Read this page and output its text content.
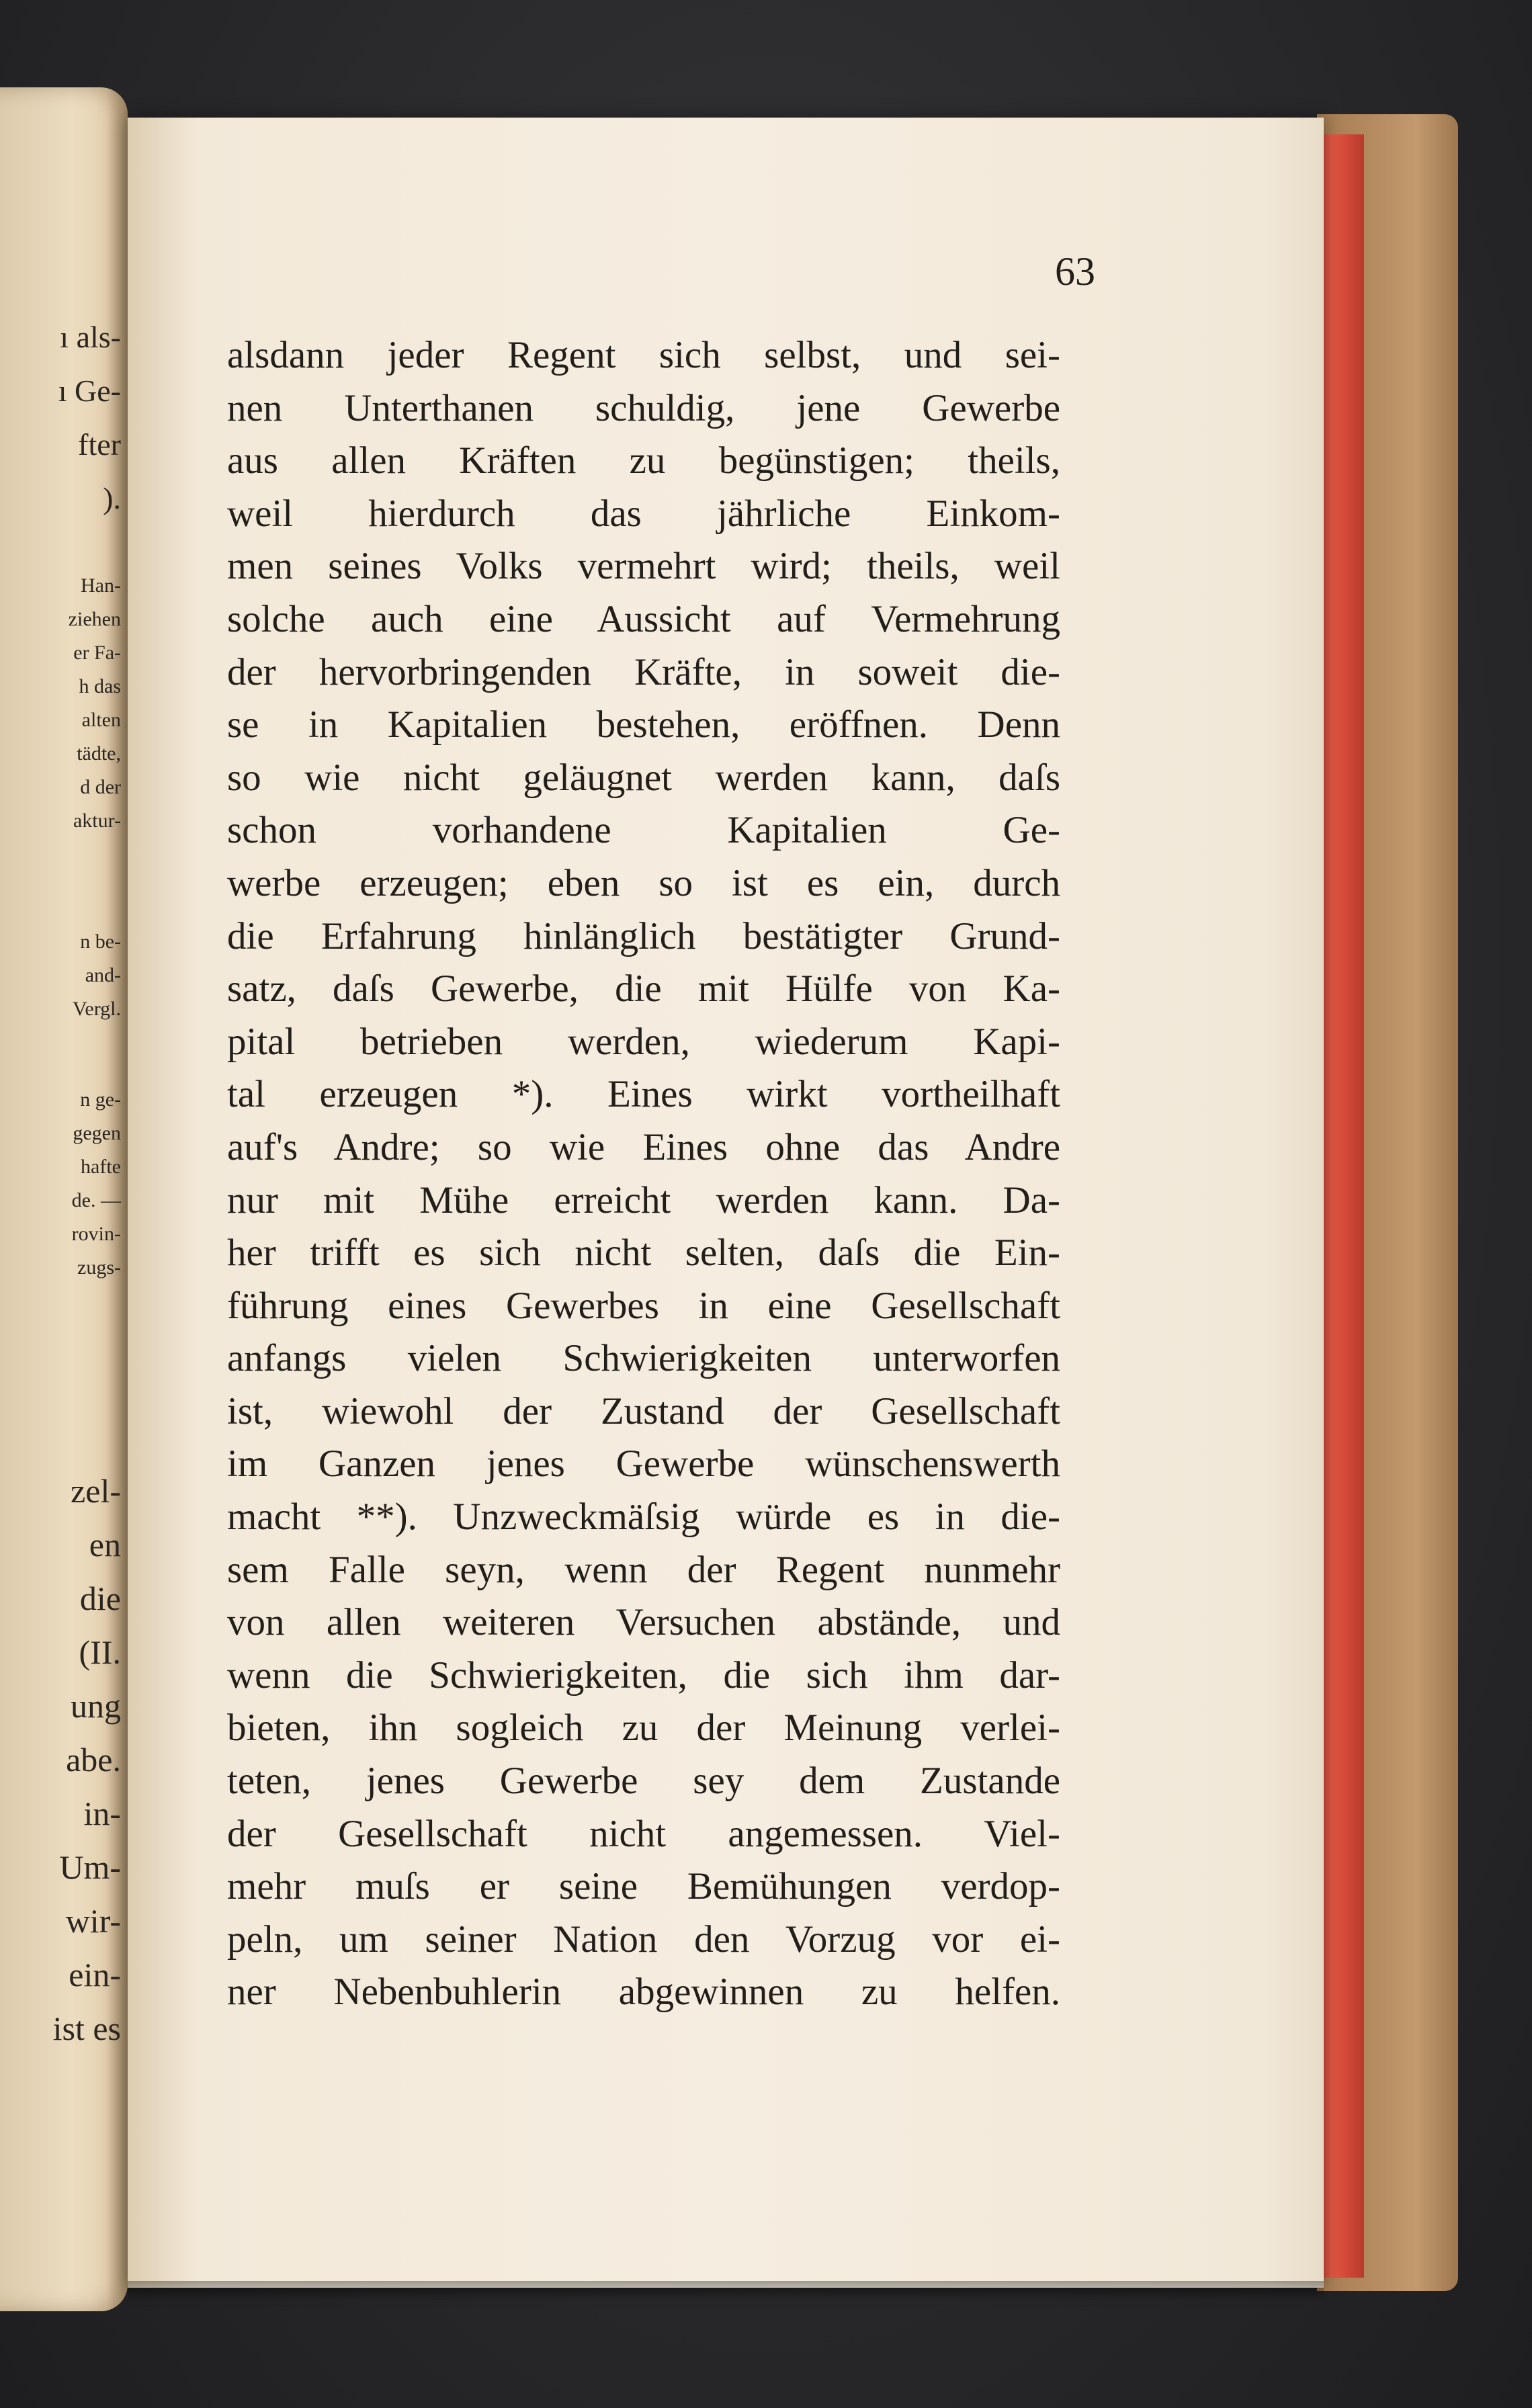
ı als-
ı Ge-
fter
).
Han-
ziehen
er Fa-
h das
alten
tädte,
d der
aktur-
n be-
and-
Vergl.
n ge-
gegen
hafte
de. —
rovin-
zugs-
zel-
en
die
(II.
ung
abe.
in-
Um-
wir-
ein-
ist es
63
alsdann jeder Regent sich selbst, und sei-
nen Unterthanen schuldig, jene Gewerbe
aus allen Kräften zu begünstigen; theils,
weil hierdurch das jährliche Einkom-
men seines Volks vermehrt wird; theils, weil
solche auch eine Aussicht auf Vermehrung
der hervorbringenden Kräfte, in soweit die-
se in Kapitalien bestehen, eröffnen. Denn
so wie nicht geläugnet werden kann, daſs
schon vorhandene Kapitalien Ge-
werbe erzeugen; eben so ist es ein, durch
die Erfahrung hinlänglich bestätigter Grund-
satz, daſs Gewerbe, die mit Hülfe von Ka-
pital betrieben werden, wiederum Kapi-
tal erzeugen *). Eines wirkt vortheilhaft
auf's Andre; so wie Eines ohne das Andre
nur mit Mühe erreicht werden kann. Da-
her trifft es sich nicht selten, daſs die Ein-
führung eines Gewerbes in eine Gesellschaft
anfangs vielen Schwierigkeiten unterworfen
ist, wiewohl der Zustand der Gesellschaft
im Ganzen jenes Gewerbe wünschenswerth
macht **). Unzweckmäſsig würde es in die-
sem Falle seyn, wenn der Regent nunmehr
von allen weiteren Versuchen abstände, und
wenn die Schwierigkeiten, die sich ihm dar-
bieten, ihn sogleich zu der Meinung verlei-
teten, jenes Gewerbe sey dem Zustande
der Gesellschaft nicht angemessen. Viel-
mehr muſs er seine Bemühungen verdop-
peln, um seiner Nation den Vorzug vor ei-
ner Nebenbuhlerin abgewinnen zu helfen.
